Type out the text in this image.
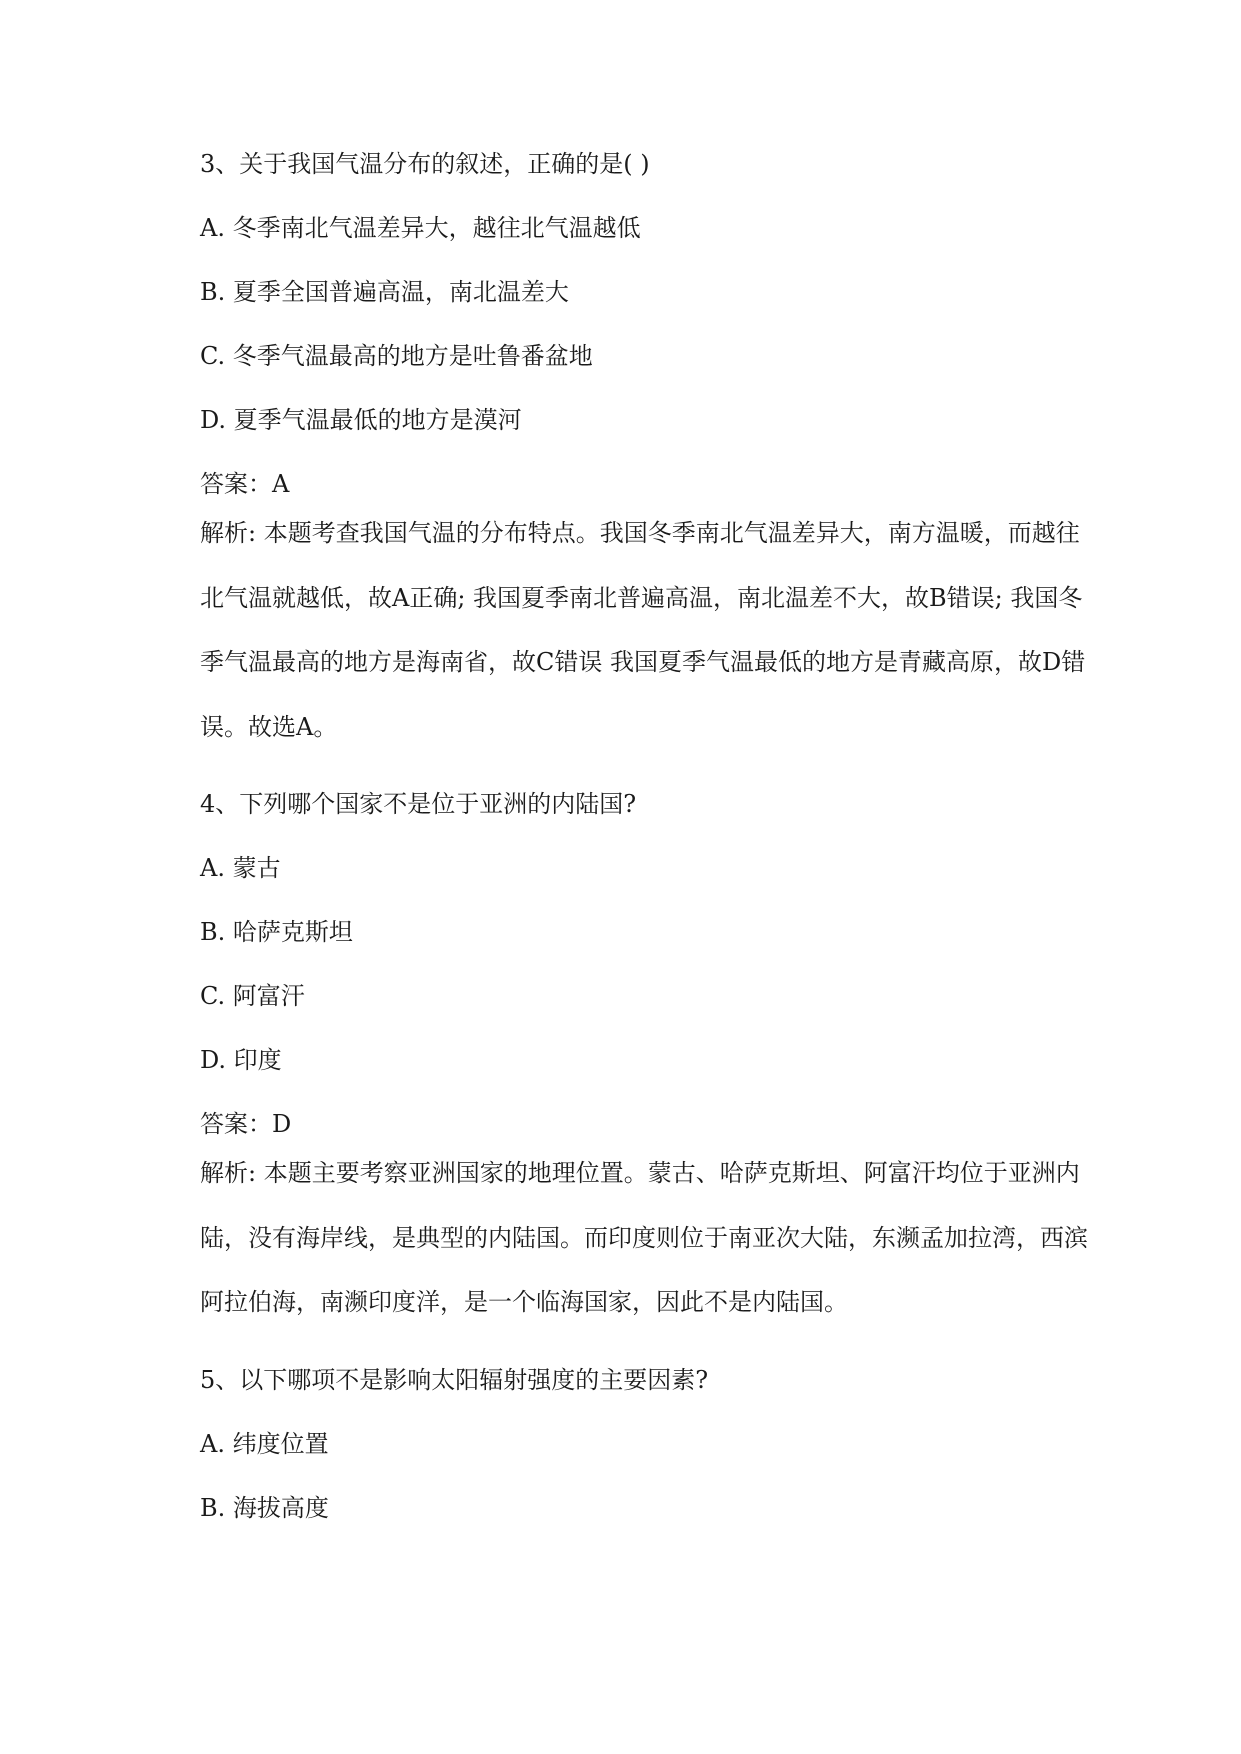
3、关于我国气温分布的叙述，正确的是( )
A. 冬季南北气温差异大，越往北气温越低
B. 夏季全国普遍高温，南北温差大
C. 冬季气温最高的地方是吐鲁番盆地
D. 夏季气温最低的地方是漠河
答案：A
解析: 本题考查我国气温的分布特点。我国冬季南北气温差异大，南方温暖，而越往北气温就越低，故A正确; 我国夏季南北普遍高温，南北温差不大，故B错误; 我国冬季气温最高的地方是海南省，故C错误 我国夏季气温最低的地方是青藏高原，故D错误。故选A。
4、下列哪个国家不是位于亚洲的内陆国?
A. 蒙古
B. 哈萨克斯坦
C. 阿富汗
D. 印度
答案：D
解析: 本题主要考察亚洲国家的地理位置。蒙古、哈萨克斯坦、阿富汗均位于亚洲内陆，没有海岸线，是典型的内陆国。而印度则位于南亚次大陆，东濒孟加拉湾，西滨阿拉伯海，南濒印度洋，是一个临海国家，因此不是内陆国。
5、以下哪项不是影响太阳辐射强度的主要因素?
A. 纬度位置
B. 海拔高度
